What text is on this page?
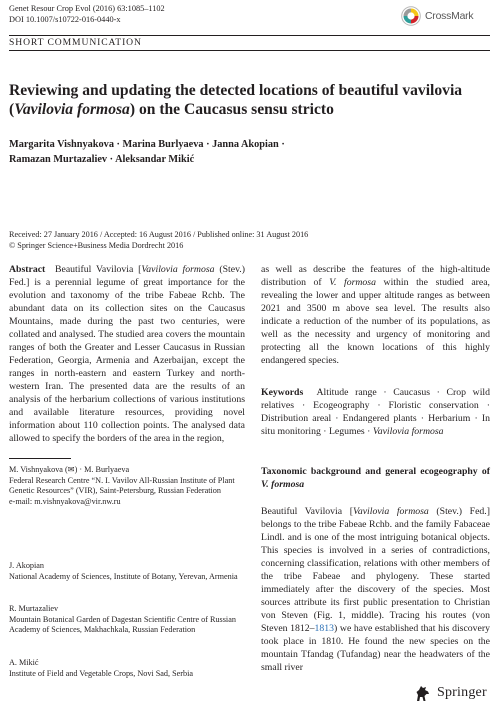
Genet Resour Crop Evol (2016) 63:1085–1102
DOI 10.1007/s10722-016-0440-x	CrossMark
SHORT COMMUNICATION
Reviewing and updating the detected locations of beautiful vavilovia (Vavilovia formosa) on the Caucasus sensu stricto
Margarita Vishnyakova · Marina Burlyaeva · Janna Akopian ·
Ramazan Murtazaliev · Aleksandar Mikić
Received: 27 January 2016 / Accepted: 16 August 2016 / Published online: 31 August 2016
© Springer Science+Business Media Dordrecht 2016
Abstract Beautiful Vavilovia [Vavilovia formosa (Stev.) Fed.] is a perennial legume of great importance for the evolution and taxonomy of the tribe Fabeae Rchb. The abundant data on its collection sites on the Caucasus Mountains, made during the past two centuries, were collated and analysed. The studied area covers the mountain ranges of both the Greater and Lesser Caucasus in Russian Federation, Georgia, Armenia and Azerbaijan, except the ranges in north-eastern and eastern Turkey and north-western Iran. The presented data are the results of an analysis of the herbarium collections of various institutions and available literature resources, providing novel information about 110 collection points. The analysed data allowed to specify the borders of the area in the region,
as well as describe the features of the high-altitude distribution of V. formosa within the studied area, revealing the lower and upper altitude ranges as between 2021 and 3500 m above sea level. The results also indicate a reduction of the number of its populations, as well as the necessity and urgency of monitoring and protecting all the known locations of this highly endangered species.
Keywords Altitude range · Caucasus · Crop wild relatives · Ecogeography · Floristic conservation · Distribution areal · Endangered plants · Herbarium · In situ monitoring · Legumes · Vavilovia formosa
Taxonomic background and general ecogeography of V. formosa
Beautiful Vavilovia [Vavilovia formosa (Stev.) Fed.] belongs to the tribe Fabeae Rchb. and the family Fabaceae Lindl. and is one of the most intriguing botanical objects. This species is involved in a series of contradictions, concerning classification, relations with other members of the tribe Fabeae and phylogeny. These started immediately after the discovery of the species. Most sources attribute its first public presentation to Christian von Steven (Fig. 1, middle). Tracing his routes (von Steven 1812–1813) we have established that his discovery took place in 1810. He found the new species on the mountain Tfandag (Tufandag) near the headwaters of the small river
M. Vishnyakova (✉) · M. Burlyaeva
Federal Research Centre “N. I. Vavilov All-Russian Institute of Plant Genetic Resources” (VIR), Saint-Petersburg, Russian Federation
e-mail: m.vishnyakova@vir.nw.ru
J. Akopian
National Academy of Sciences, Institute of Botany, Yerevan, Armenia
R. Murtazaliev
Mountain Botanical Garden of Dagestan Scientific Centre of Russian Academy of Sciences, Makhachkala, Russian Federation
A. Mikić
Institute of Field and Vegetable Crops, Novi Sad, Serbia
Springer
